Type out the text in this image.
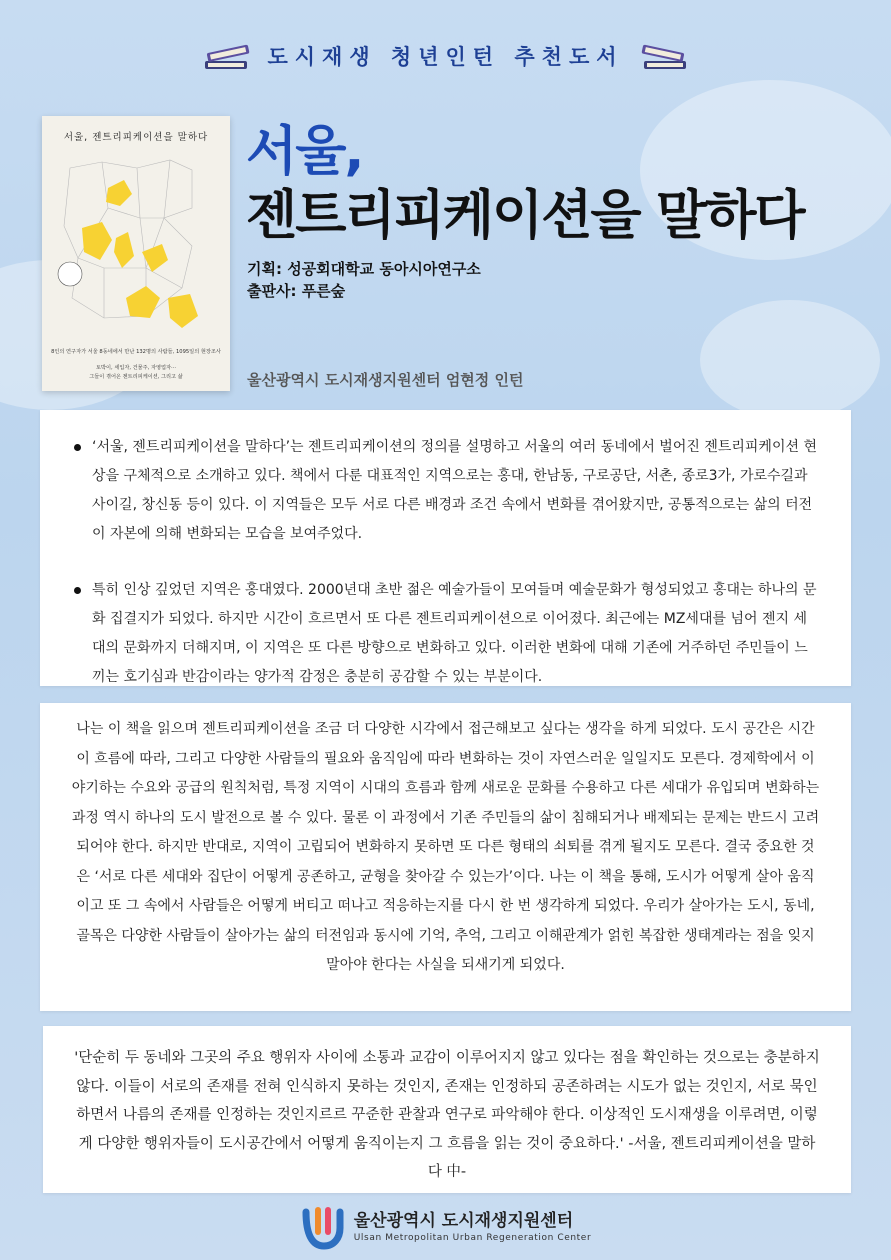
도시재생 청년인턴 추천도서
서울, 젠트리피케이션을 말하다
8인의 연구자가 서울 8동네에서 만난 132명의 사람들, 1095일의 현장조사
토박이, 세입자, 건물주, 자영업자···
그들이 겪어온 젠트리피케이션, 그리고 삶
서울,
젠트리피케이션을 말하다
기획: 성공회대학교 동아시아연구소
출판사: 푸른숲
울산광역시 도시재생지원센터 엄현정 인턴
‘서울, 젠트리피케이션을 말하다’는 젠트리피케이션의 정의를 설명하고 서울의 여러 동네에서 벌어진 젠트리피케이션 현상을 구체적으로 소개하고 있다. 책에서 다룬 대표적인 지역으로는 홍대, 한남동, 구로공단, 서촌, 종로3가, 가로수길과 사이길, 창신동 등이 있다. 이 지역들은 모두 서로 다른 배경과 조건 속에서 변화를 겪어왔지만, 공통적으로는 삶의 터전이 자본에 의해 변화되는 모습을 보여주었다.
특히 인상 깊었던 지역은 홍대였다. 2000년대 초반 젊은 예술가들이 모여들며 예술문화가 형성되었고 홍대는 하나의 문화 집결지가 되었다. 하지만 시간이 흐르면서 또 다른 젠트리피케이션으로 이어졌다. 최근에는 MZ세대를 넘어 젠지 세대의 문화까지 더해지며, 이 지역은 또 다른 방향으로 변화하고 있다. 이러한 변화에 대해 기존에 거주하던 주민들이 느끼는 호기심과 반감이라는 양가적 감정은 충분히 공감할 수 있는 부분이다.

나는 이 책을 읽으며 젠트리피케이션을 조금 더 다양한 시각에서 접근해보고 싶다는 생각을 하게 되었다. 도시 공간은 시간이 흐름에 따라, 그리고 다양한 사람들의 필요와 움직임에 따라 변화하는 것이 자연스러운 일일지도 모른다. 경제학에서 이야기하는 수요와 공급의 원칙처럼, 특정 지역이 시대의 흐름과 함께 새로운 문화를 수용하고 다른 세대가 유입되며 변화하는 과정 역시 하나의 도시 발전으로 볼 수 있다. 물론 이 과정에서 기존 주민들의 삶이 침해되거나 배제되는 문제는 반드시 고려되어야 한다. 하지만 반대로, 지역이 고립되어 변화하지 못하면 또 다른 형태의 쇠퇴를 겪게 될지도 모른다. 결국 중요한 것은 ‘서로 다른 세대와 집단이 어떻게 공존하고, 균형을 찾아갈 수 있는가’이다. 나는 이 책을 통해, 도시가 어떻게 살아 움직이고 또 그 속에서 사람들은 어떻게 버티고 떠나고 적응하는지를 다시 한 번 생각하게 되었다. 우리가 살아가는 도시, 동네, 골목은 다양한 사람들이 살아가는 삶의 터전임과 동시에 기억, 추억, 그리고 이해관계가 얽힌 복잡한 생태계라는 점을 잊지 말아야 한다는 사실을 되새기게 되었다.

'단순히 두 동네와 그곳의 주요 행위자 사이에 소통과 교감이 이루어지지 않고 있다는 점을 확인하는 것으로는 충분하지 않다. 이들이 서로의 존재를 전혀 인식하지 못하는 것인지, 존재는 인정하되 공존하려는 시도가 없는 것인지, 서로 묵인하면서 나름의 존재를 인정하는 것인지르르 꾸준한 관찰과 연구로 파악해야 한다. 이상적인 도시재생을 이루려면, 이렇게 다양한 행위자들이 도시공간에서 어떻게 움직이는지 그 흐름을 읽는 것이 중요하다.' -서울, 젠트리피케이션을 말하다 中-

울산광역시 도시재생지원센터
Ulsan Metropolitan Urban Regeneration Center
